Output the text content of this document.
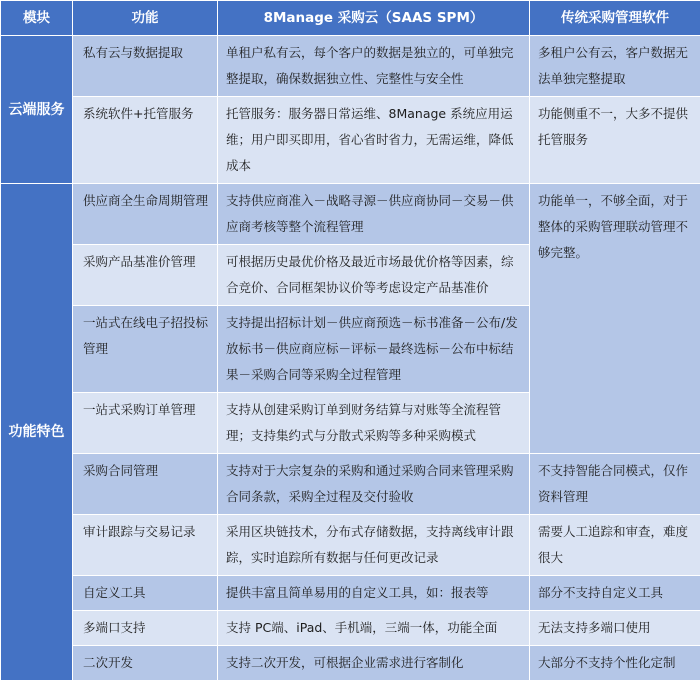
模块	功能	8Manage 采购云（SAAS SPM）	传统采购管理软件
云端服务	私有云与数据提取	单租户私有云，每个客户的数据是独立的，可单独完整提取，确保数据独立性、完整性与安全性	多租户公有云，客户数据无法单独完整提取
	系统软件+托管服务	托管服务：服务器日常运维、8Manage 系统应用运维；用户即买即用，省心省时省力，无需运维，降低成本	功能侧重不一，大多不提供托管服务
功能特色	供应商全生命周期管理	支持供应商准入－战略寻源－供应商协同－交易－供应商考核等整个流程管理	功能单一，不够全面，对于整体的采购管理联动管理不够完整。
	采购产品基准价管理	可根据历史最优价格及最近市场最优价格等因素，综合竞价、合同框架协议价等考虑设定产品基准价	
	一站式在线电子招投标管理	支持提出招标计划－供应商预选－标书准备－公布/发放标书－供应商应标－评标－最终选标－公布中标结果－采购合同等采购全过程管理	
	一站式采购订单管理	支持从创建采购订单到财务结算与对账等全流程管理；支持集约式与分散式采购等多种采购模式	
	采购合同管理	支持对于大宗复杂的采购和通过采购合同来管理采购合同条款，采购全过程及交付验收	不支持智能合同模式，仅作资料管理
	审计跟踪与交易记录	采用区块链技术，分布式存储数据，支持离线审计跟踪，实时追踪所有数据与任何更改记录	需要人工追踪和审查，难度很大
	自定义工具	提供丰富且简单易用的自定义工具，如：报表等	部分不支持自定义工具
	多端口支持	支持 PC端、iPad、手机端，三端一体，功能全面	无法支持多端口使用
	二次开发	支持二次开发，可根据企业需求进行客制化	大部分不支持个性化定制
